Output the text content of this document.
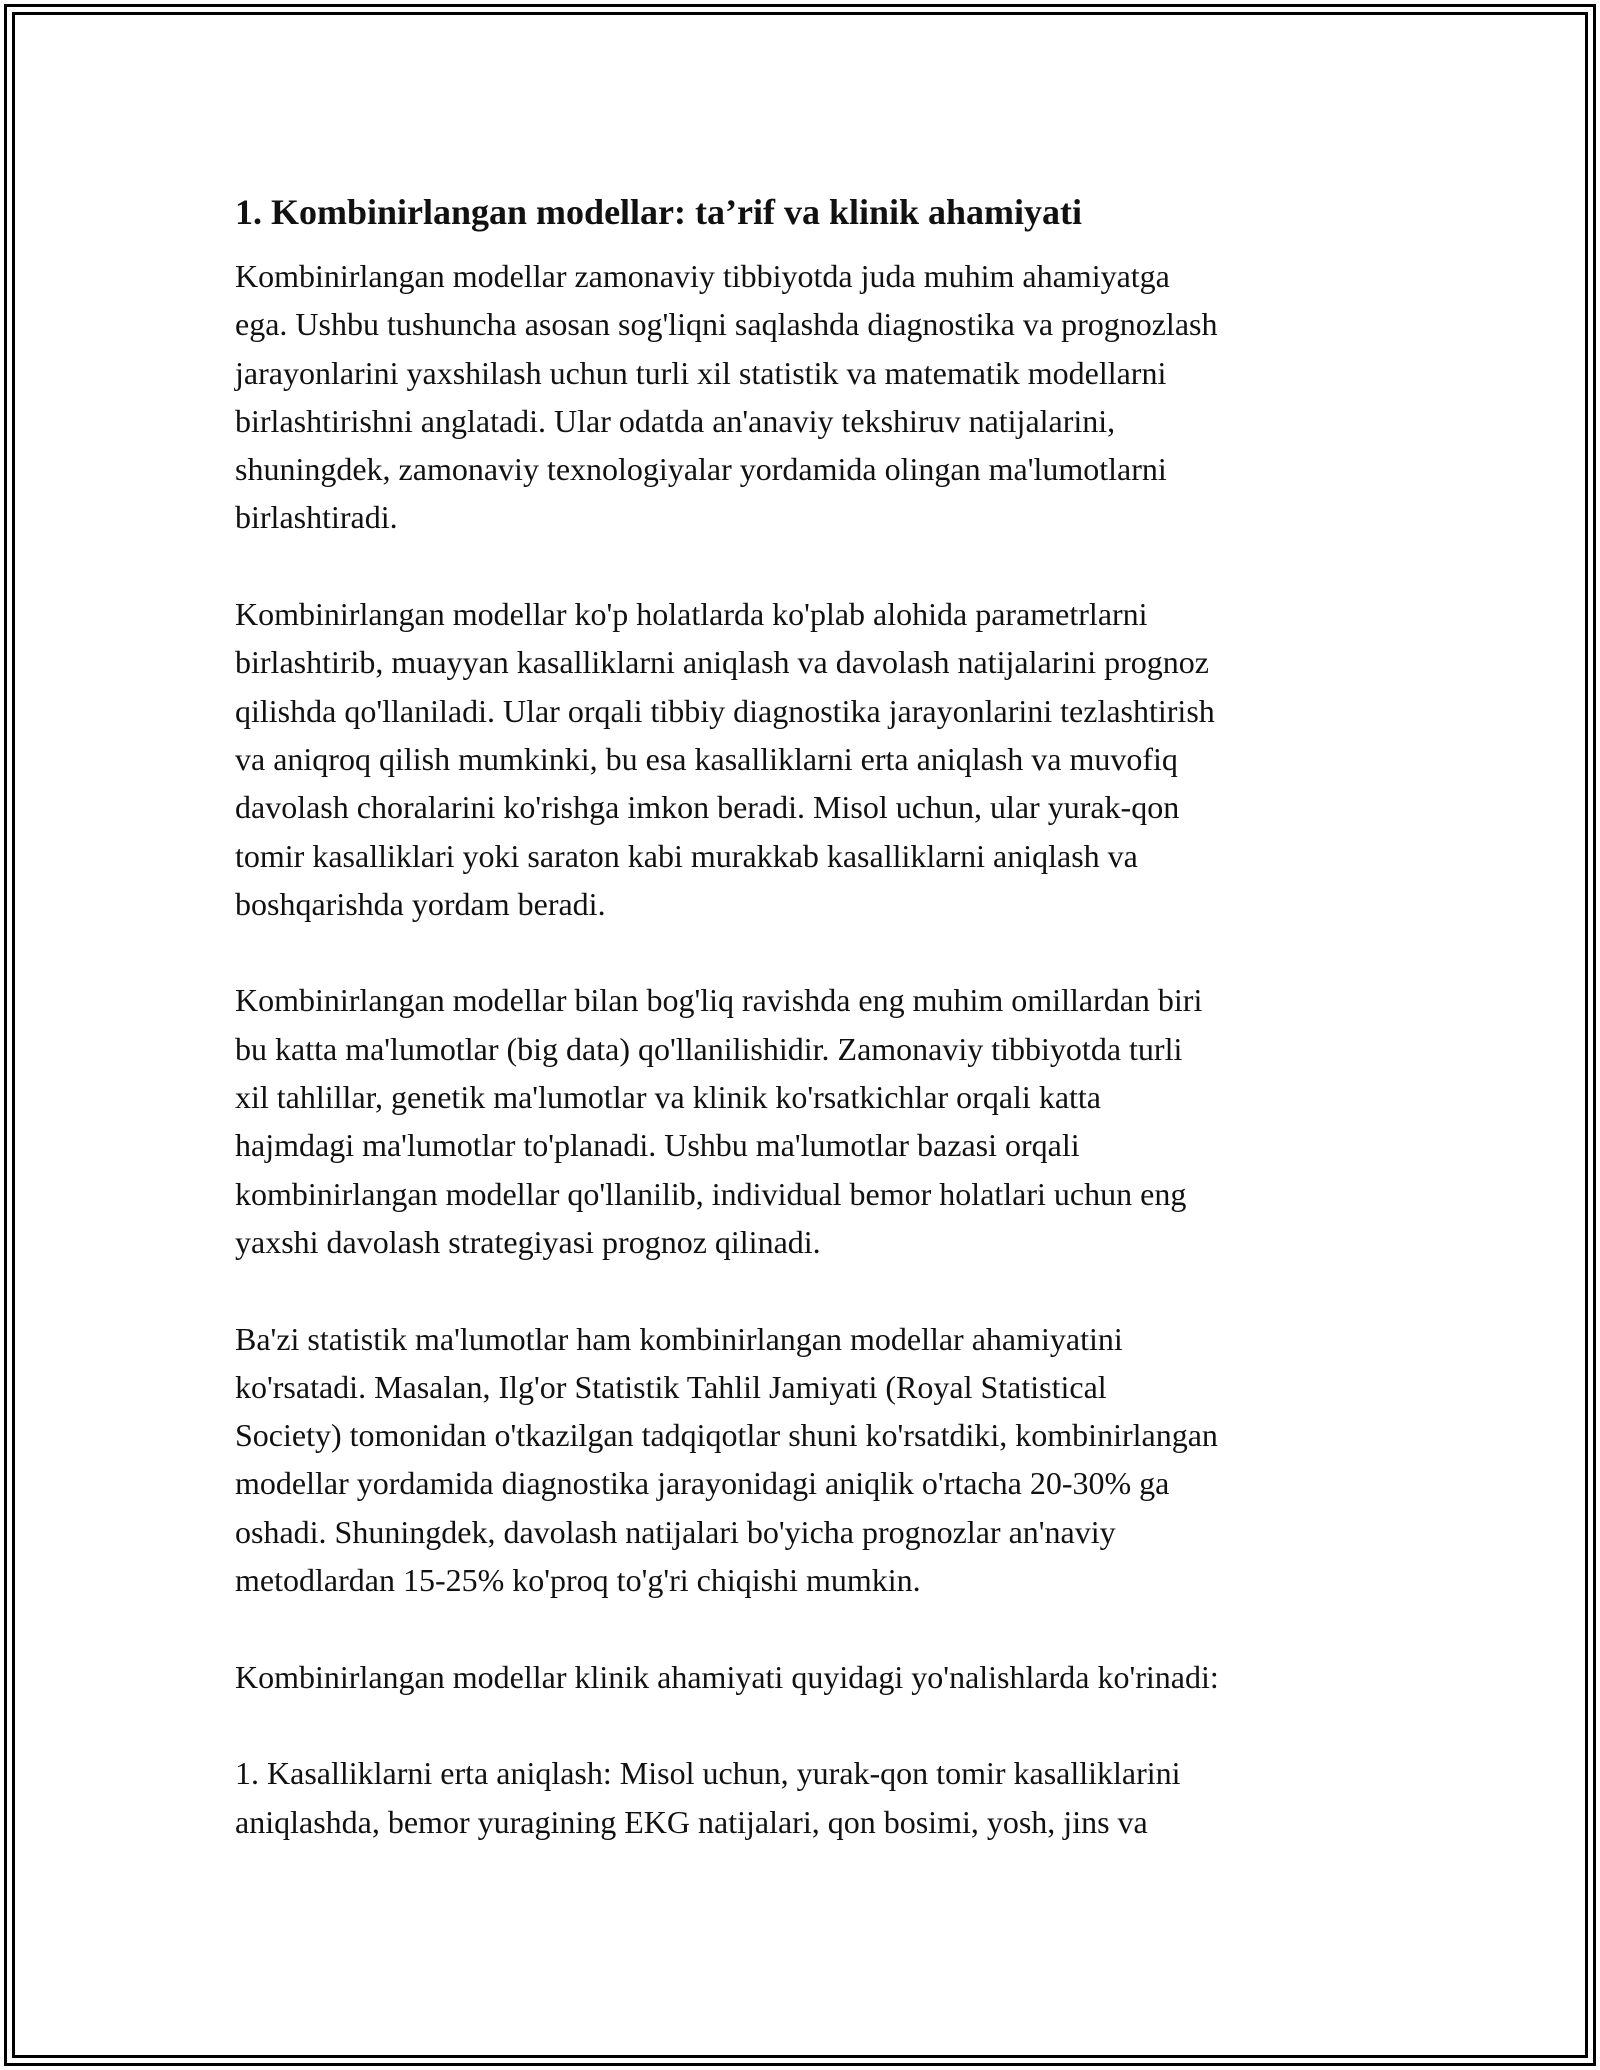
1. Kombinirlangan modellar: ta’rif va klinik ahamiyati
Kombinirlangan modellar zamonaviy tibbiyotda juda muhim ahamiyatga
ega. Ushbu tushuncha asosan sog'liqni saqlashda diagnostika va prognozlash
jarayonlarini yaxshilash uchun turli xil statistik va matematik modellarni
birlashtirishni anglatadi. Ular odatda an'anaviy tekshiruv natijalarini,
shuningdek, zamonaviy texnologiyalar yordamida olingan ma'lumotlarni
birlashtiradi.
Kombinirlangan modellar ko'p holatlarda ko'plab alohida parametrlarni
birlashtirib, muayyan kasalliklarni aniqlash va davolash natijalarini prognoz
qilishda qo'llaniladi. Ular orqali tibbiy diagnostika jarayonlarini tezlashtirish
va aniqroq qilish mumkinki, bu esa kasalliklarni erta aniqlash va muvofiq
davolash choralarini ko'rishga imkon beradi. Misol uchun, ular yurak-qon
tomir kasalliklari yoki saraton kabi murakkab kasalliklarni aniqlash va
boshqarishda yordam beradi.
Kombinirlangan modellar bilan bog'liq ravishda eng muhim omillardan biri
bu katta ma'lumotlar (big data) qo'llanilishidir. Zamonaviy tibbiyotda turli
xil tahlillar, genetik ma'lumotlar va klinik ko'rsatkichlar orqali katta
hajmdagi ma'lumotlar to'planadi. Ushbu ma'lumotlar bazasi orqali
kombinirlangan modellar qo'llanilib, individual bemor holatlari uchun eng
yaxshi davolash strategiyasi prognoz qilinadi.
Ba'zi statistik ma'lumotlar ham kombinirlangan modellar ahamiyatini
ko'rsatadi. Masalan, Ilg'or Statistik Tahlil Jamiyati (Royal Statistical
Society) tomonidan o'tkazilgan tadqiqotlar shuni ko'rsatdiki, kombinirlangan
modellar yordamida diagnostika jarayonidagi aniqlik o'rtacha 20-30% ga
oshadi. Shuningdek, davolash natijalari bo'yicha prognozlar an'naviy
metodlardan 15-25% ko'proq to'g'ri chiqishi mumkin.
Kombinirlangan modellar klinik ahamiyati quyidagi yo'nalishlarda ko'rinadi:
1. Kasalliklarni erta aniqlash: Misol uchun, yurak-qon tomir kasalliklarini
aniqlashda, bemor yuragining EKG natijalari, qon bosimi, yosh, jins va
